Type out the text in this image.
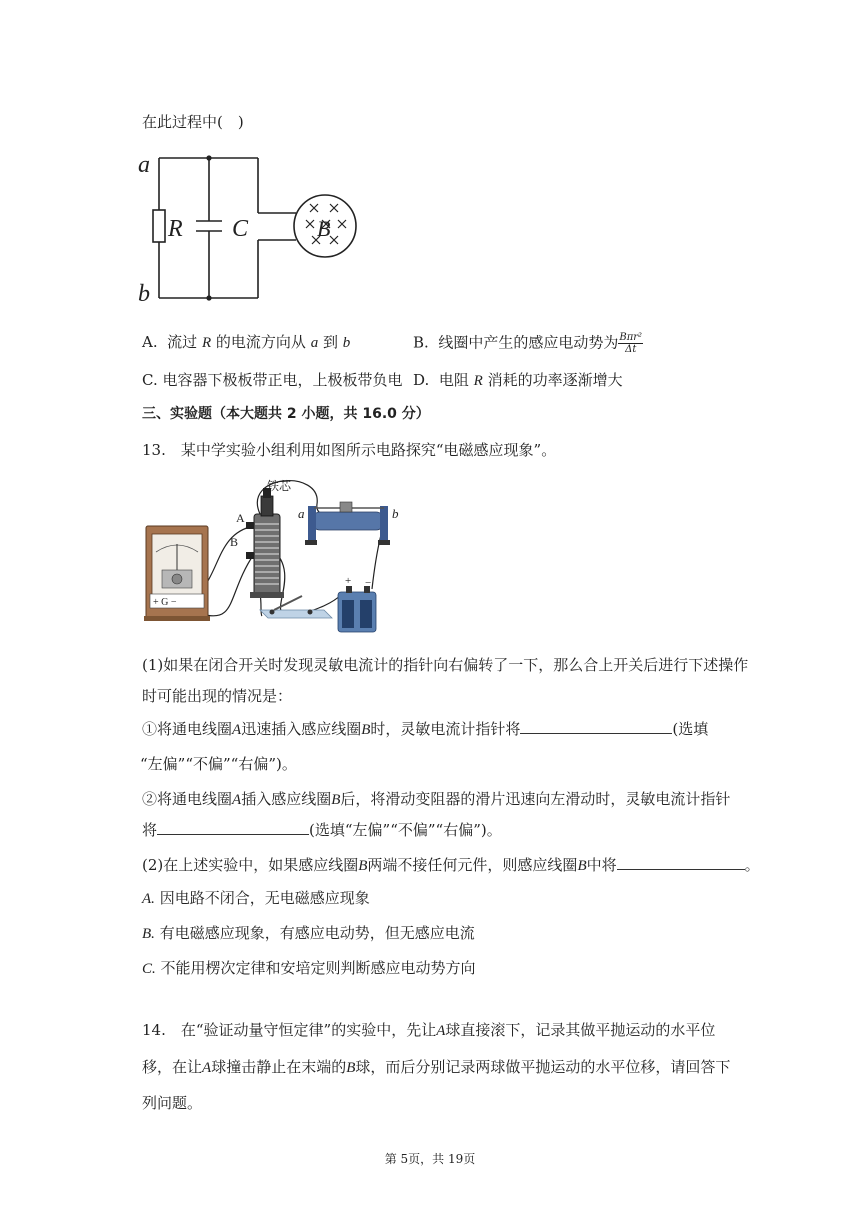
在此过程中(　)
a
b
R C	B
A. 流过 R 的电流方向从 a 到 b	B. 线圈中产生的感应电动势为 Bπr²
Δt
C. 电容器下极板带正电，上极板带负电 D. 电阻 R 消耗的功率逐渐增大
三、实验题（本大题共 2 小题，共 16.0 分）
13.　某中学实验小组利用如图所示电路探究“电磁感应现象”。
+ G −
铁芯
A
B
a	b
+ −
(1)如果在闭合开关时发现灵敏电流计的指针向右偏转了一下，那么合上开关后进行下述操作
时可能出现的情况是：
①将通电线圈A迅速插入感应线圈B时，灵敏电流计指针将	(选填
“左偏”“不偏”“右偏”)。
②将通电线圈A插入感应线圈B后，将滑动变阻器的滑片迅速向左滑动时，灵敏电流计指针
将	(选填“左偏”“不偏”“右偏”)。
(2)在上述实验中，如果感应线圈B两端不接任何元件，则感应线圈B中将	。
A. 因电路不闭合，无电磁感应现象
B. 有电磁感应现象，有感应电动势，但无感应电流
C. 不能用楞次定律和安培定则判断感应电动势方向
14.　在“验证动量守恒定律”的实验中，先让A球直接滚下，记录其做平抛运动的水平位
移，在让A球撞击静止在末端的B球，而后分别记录两球做平抛运动的水平位移，请回答下
列问题。
第 5页，共 19页
